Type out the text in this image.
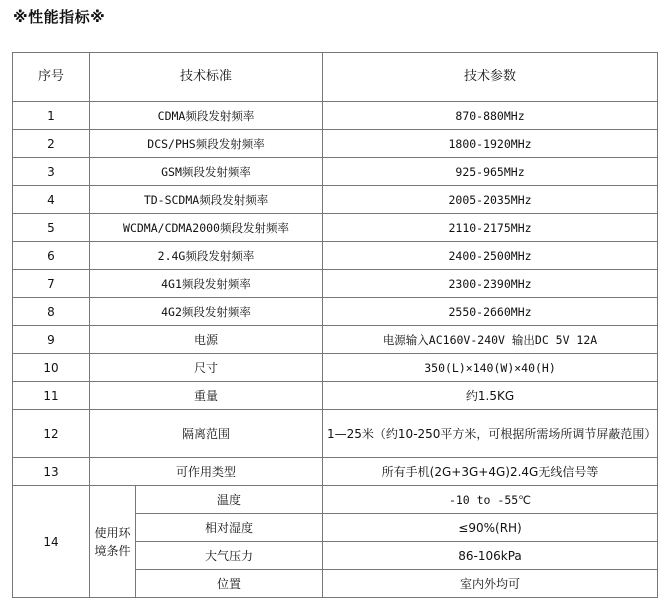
※性能指标※
序号	技术标准		技术参数
1	CDMA频段发射频率		870-880MHz
2	DCS/PHS频段发射频率		1800-1920MHz
3	GSM频段发射频率		925-965MHz
4	TD-SCDMA频段发射频率		2005-2035MHz
5	WCDMA/CDMA2000频段发射频率		2110-2175MHz
6	2.4G频段发射频率		2400-2500MHz
7	4G1频段发射频率		2300-2390MHz
8	4G2频段发射频率		2550-2660MHz
9	电源		电源输入AC160V-240V 输出DC 5V 12A
10	尺寸		350(L)×140(W)×40(H)
11	重量		约1.5KG
12	隔离范围		1—25米（约10-250平方米，可根据所需场所调节屏蔽范围）
13	可作用类型		所有手机(2G+3G+4G)2.4G无线信号等
14	使用环境条件	温度	-10 to -55℃
		相对湿度	≤90%(RH)
		大气压力	86-106kPa
		位置	室内外均可
